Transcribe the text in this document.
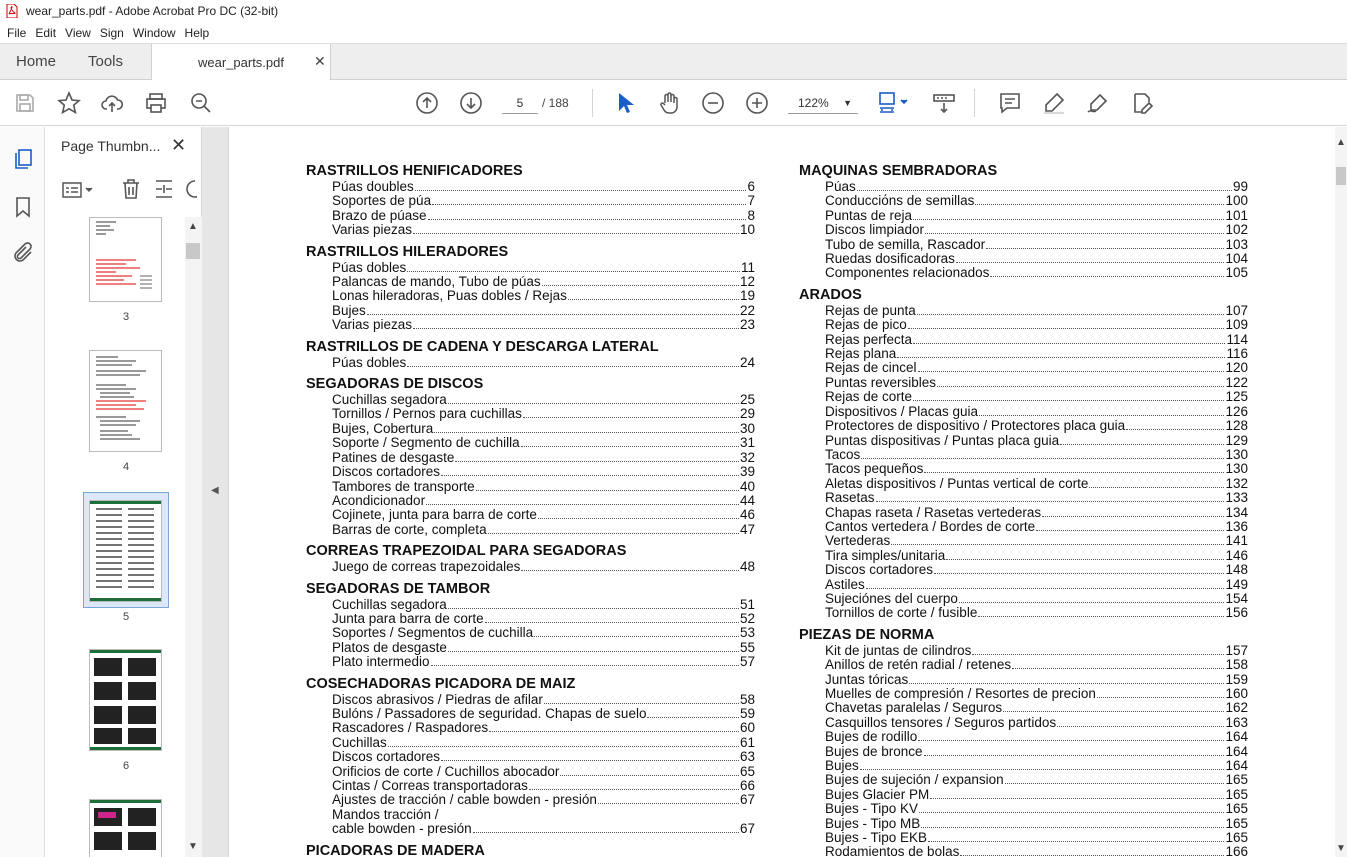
wear_parts.pdf - Adobe Acrobat Pro DC (32-bit)
File Edit View Sign Window Help
Home Tools	wear_parts.pdf ✕
5	/ 188	122% ▼
Page Thumbn... ✕
3
4
5
6
▲
▼
◀
RASTRILLOS HENIFICADORES
Púas doubles	6
Soportes de púa	7
Brazo de púase	8
Varias piezas	10
RASTRILLOS HILERADORES
Púas dobles	11
Palancas de mando, Tubo de púas	12
Lonas hileradoras, Puas dobles / Rejas	19
Bujes	22
Varias piezas	23
RASTRILLOS DE CADENA Y DESCARGA LATERAL
Púas dobles	24
SEGADORAS DE DISCOS
Cuchillas segadora	25
Tornillos / Pernos para cuchillas	29
Bujes, Cobertura	30
Soporte / Segmento de cuchilla	31
Patines de desgaste	32
Discos cortadores	39
Tambores de transporte	40
Acondicionador	44
Cojinete, junta para barra de corte	46
Barras de corte, completa	47
CORREAS TRAPEZOIDAL PARA SEGADORAS
Juego de correas trapezoidales	48
SEGADORAS DE TAMBOR
Cuchillas segadora	51
Junta para barra de corte	52
Soportes / Segmentos de cuchilla	53
Platos de desgaste	55
Plato intermedio	57
COSECHADORAS PICADORA DE MAIZ
Discos abrasivos / Piedras de afilar	58
Bulóns / Passadores de seguridad. Chapas de suelo	59
Rascadores / Raspadores	60
Cuchillas	61
Discos cortadores	63
Orificios de corte / Cuchillos abocador	65
Cintas / Correas transportadoras	66
Ajustes de tracción / cable bowden - presión	67
Mandos tracción /
cable bowden - presión	67
PICADORAS DE MADERA
MAQUINAS SEMBRADORAS
Púas	99
Conducciόns de semillas	100
Puntas de reja	101
Discos limpiador	102
Tubo de semilla, Rascador	103
Ruedas dosificadoras	104
Componentes relacionados	105
ARADOS
Rejas de punta	107
Rejas de pico	109
Rejas perfecta	114
Rejas plana	116
Rejas de cincel	120
Puntas reversibles	122
Rejas de corte	125
Dispositivos / Placas guia	126
Protectores de dispositivo / Protectores placa guia	128
Puntas dispositivas / Puntas placa guia	129
Tacos	130
Tacos pequeños	130
Aletas dispositivos / Puntas vertical de corte	132
Rasetas	133
Chapas raseta / Rasetas vertederas	134
Cantos vertedera / Bordes de corte	136
Vertederas	141
Tira simples/unitaria	146
Discos cortadores	148
Astiles	149
Sujeciónes del cuerpo	154
Tornillos de corte / fusible	156
PIEZAS DE NORMA
Kit de juntas de cilindros	157
Anillos de retén radial / retenes	158
Juntas tóricas	159
Muelles de compresión / Resortes de precion	160
Chavetas paralelas / Seguros	162
Casquillos tensores / Seguros partidos	163
Bujes de rodillo	164
Bujes de bronce	164
Bujes	164
Bujes de sujeción / expansion	165
Bujes Glacier PM	165
Bujes - Tipo KV	165
Bujes - Tipo MB	165
Bujes - Tipo EKB	165
Rodamientos de bolas	166
▲
▼
